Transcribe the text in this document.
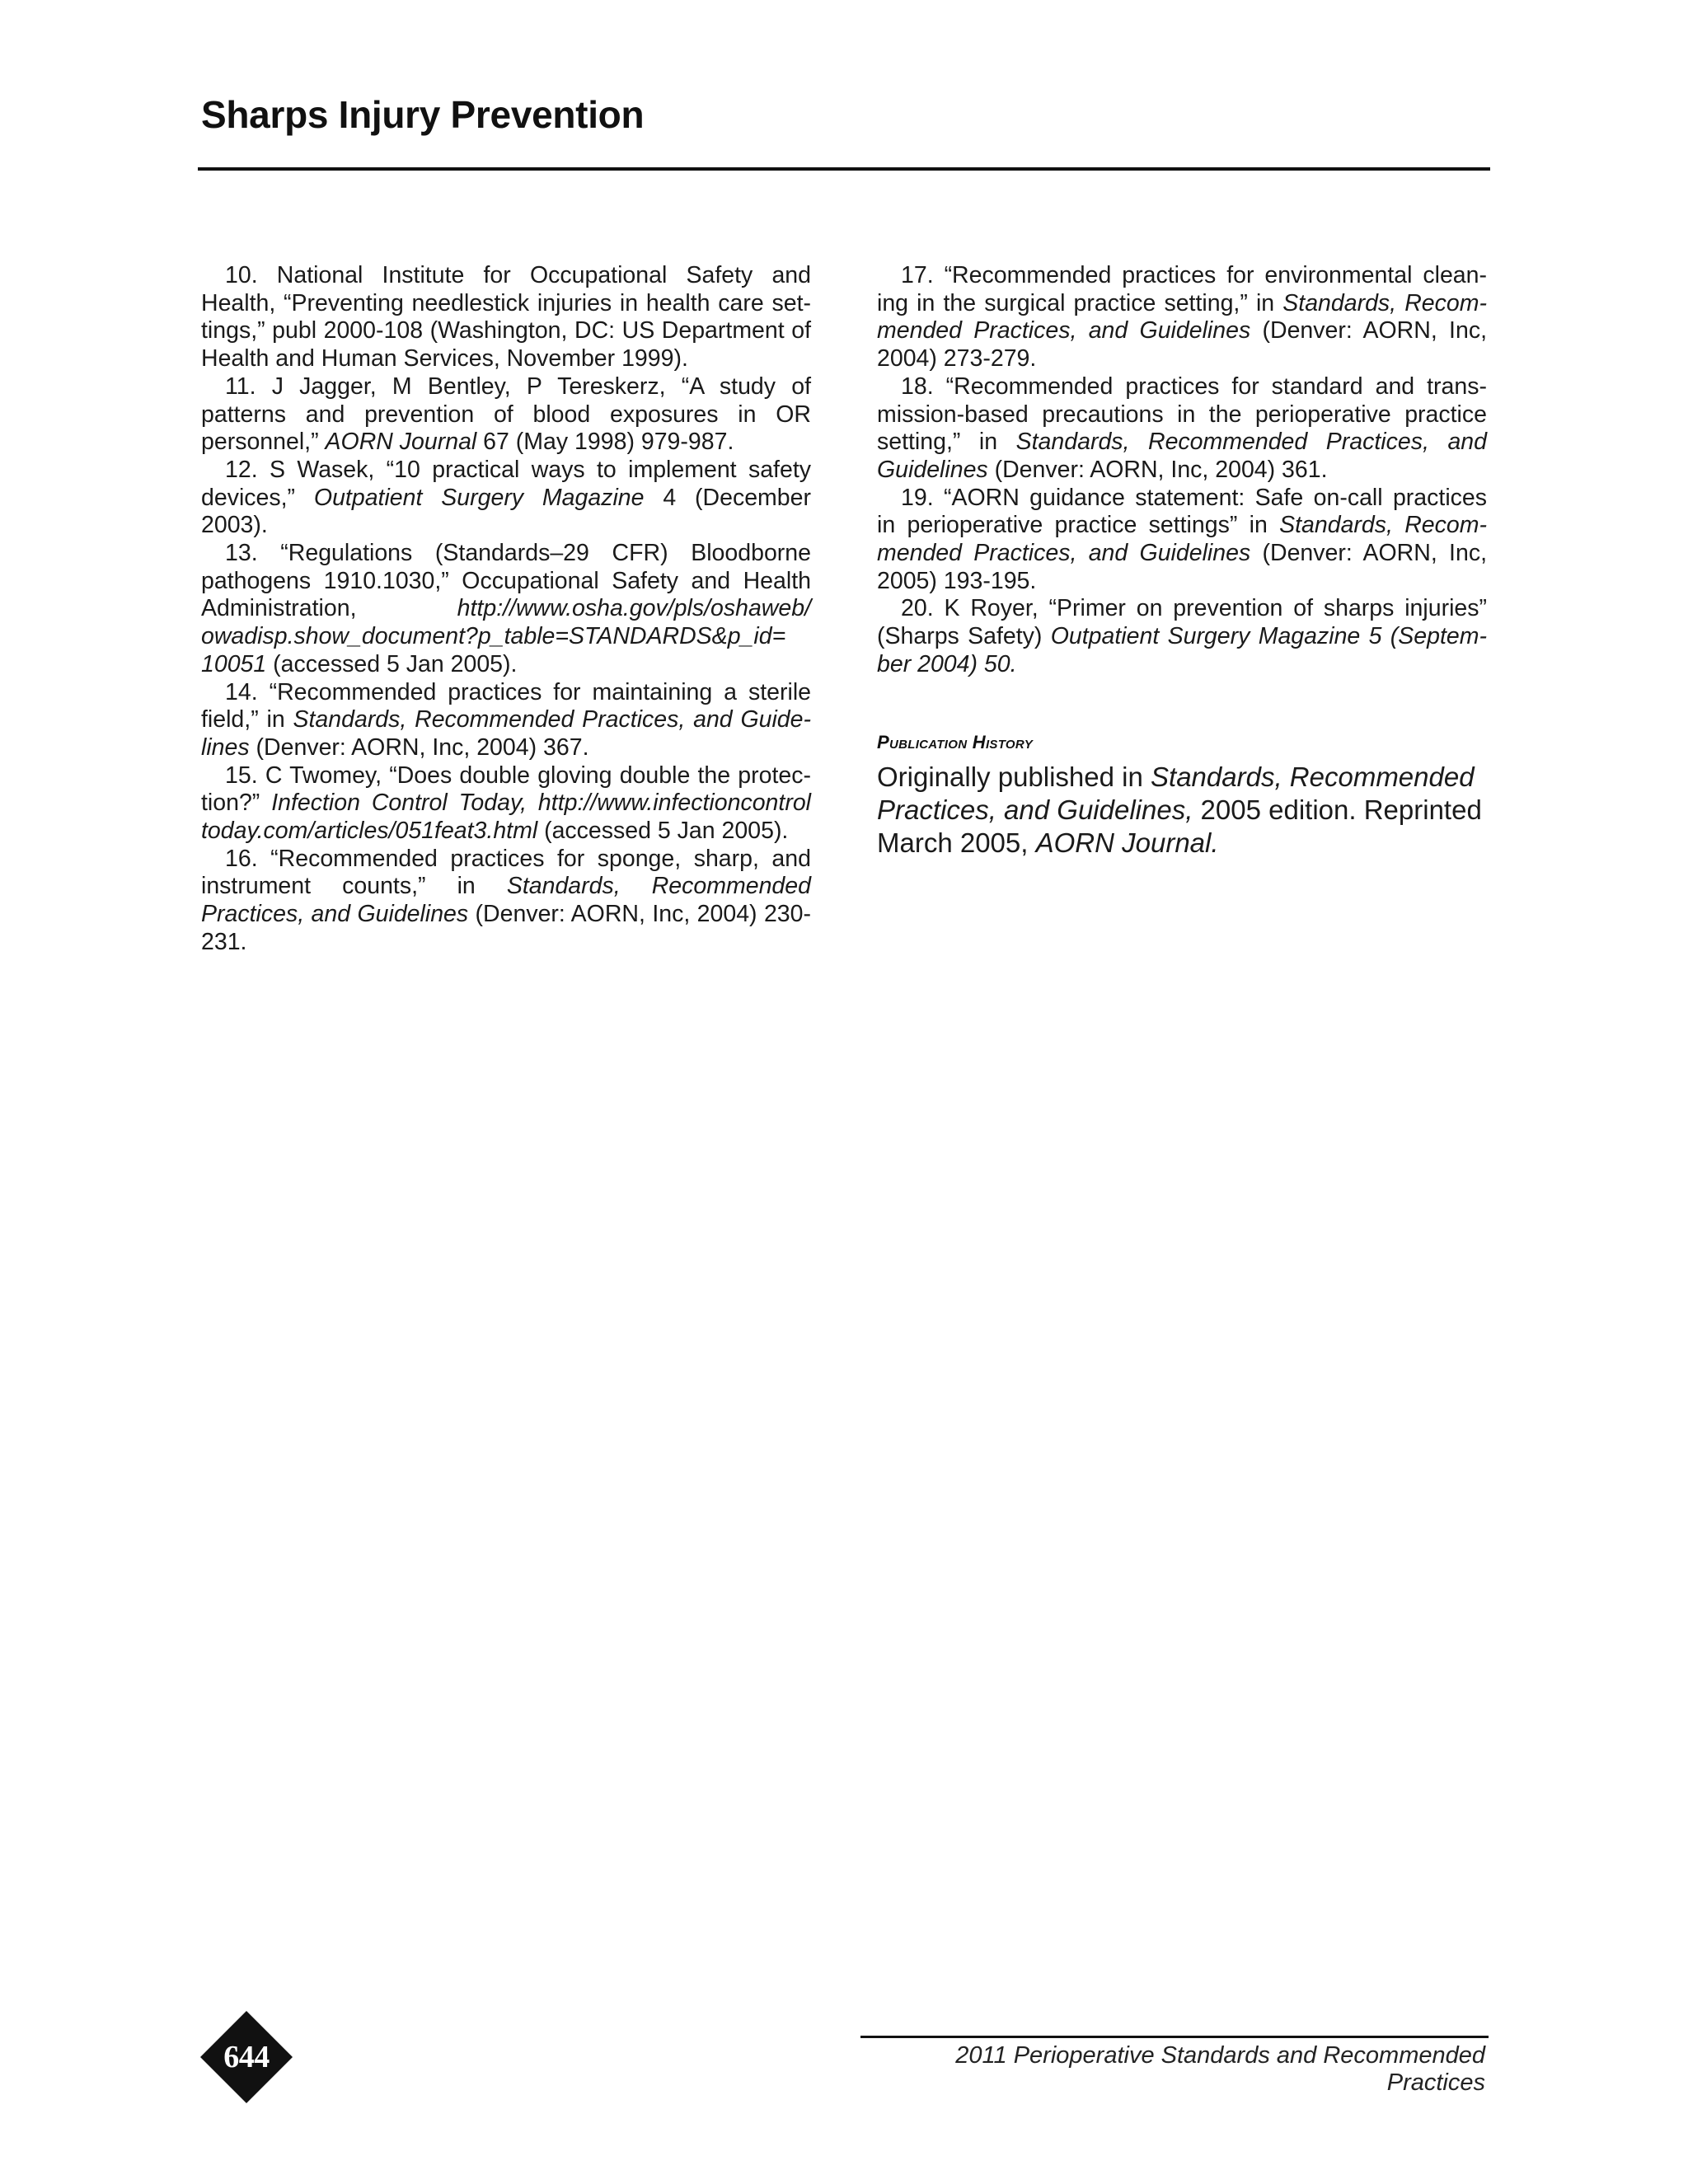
Sharps Injury Prevention

10. National Institute for Occupational Safety and Health, “Preventing needlestick injuries in health care set-tings,” publ 2000-108 (Washington, DC: US Department of Health and Human Services, November 1999).

11. J Jagger, M Bentley, P Tereskerz, “A study of patterns and prevention of blood exposures in OR personnel,” AORN Journal 67 (May 1998) 979-987.

12. S Wasek, “10 practical ways to implement safety devices,” Outpatient Surgery Magazine 4 (December 2003).

13. “Regulations (Standards–29 CFR) Bloodborne pathogens 1910.1030,” Occupational Safety and Health Administration, http://www.osha.gov/pls/oshaweb/ owadisp.show_document?p_table=STANDARDS&p_id= 10051 (accessed 5 Jan 2005).

14. “Recommended practices for maintaining a sterile field,” in Standards, Recommended Practices, and Guide-lines (Denver: AORN, Inc, 2004) 367.

15. C Twomey, “Does double gloving double the protec-tion?” Infection Control Today, http://www.infectioncontrol today.com/articles/051feat3.html (accessed 5 Jan 2005).

16. “Recommended practices for sponge, sharp, and instrument counts,” in Standards, Recommended Practices, and Guidelines (Denver: AORN, Inc, 2004) 230-231.

17. “Recommended practices for environmental clean-ing in the surgical practice setting,” in Standards, Recom-mended Practices, and Guidelines (Denver: AORN, Inc, 2004) 273-279.

18. “Recommended practices for standard and trans-mission-based precautions in the perioperative practice setting,” in Standards, Recommended Practices, and Guidelines (Denver: AORN, Inc, 2004) 361.

19. “AORN guidance statement: Safe on-call practices in perioperative practice settings” in Standards, Recom-mended Practices, and Guidelines (Denver: AORN, Inc, 2005) 193-195.

20. K Royer, “Primer on prevention of sharps injuries” (Sharps Safety) Outpatient Surgery Magazine 5 (Septem-ber 2004) 50.

Publication History
Originally published in Standards, Recommended Practices, and Guidelines, 2005 edition. Reprinted March 2005, AORN Journal.
644	2011 Perioperative Standards and Recommended Practices
